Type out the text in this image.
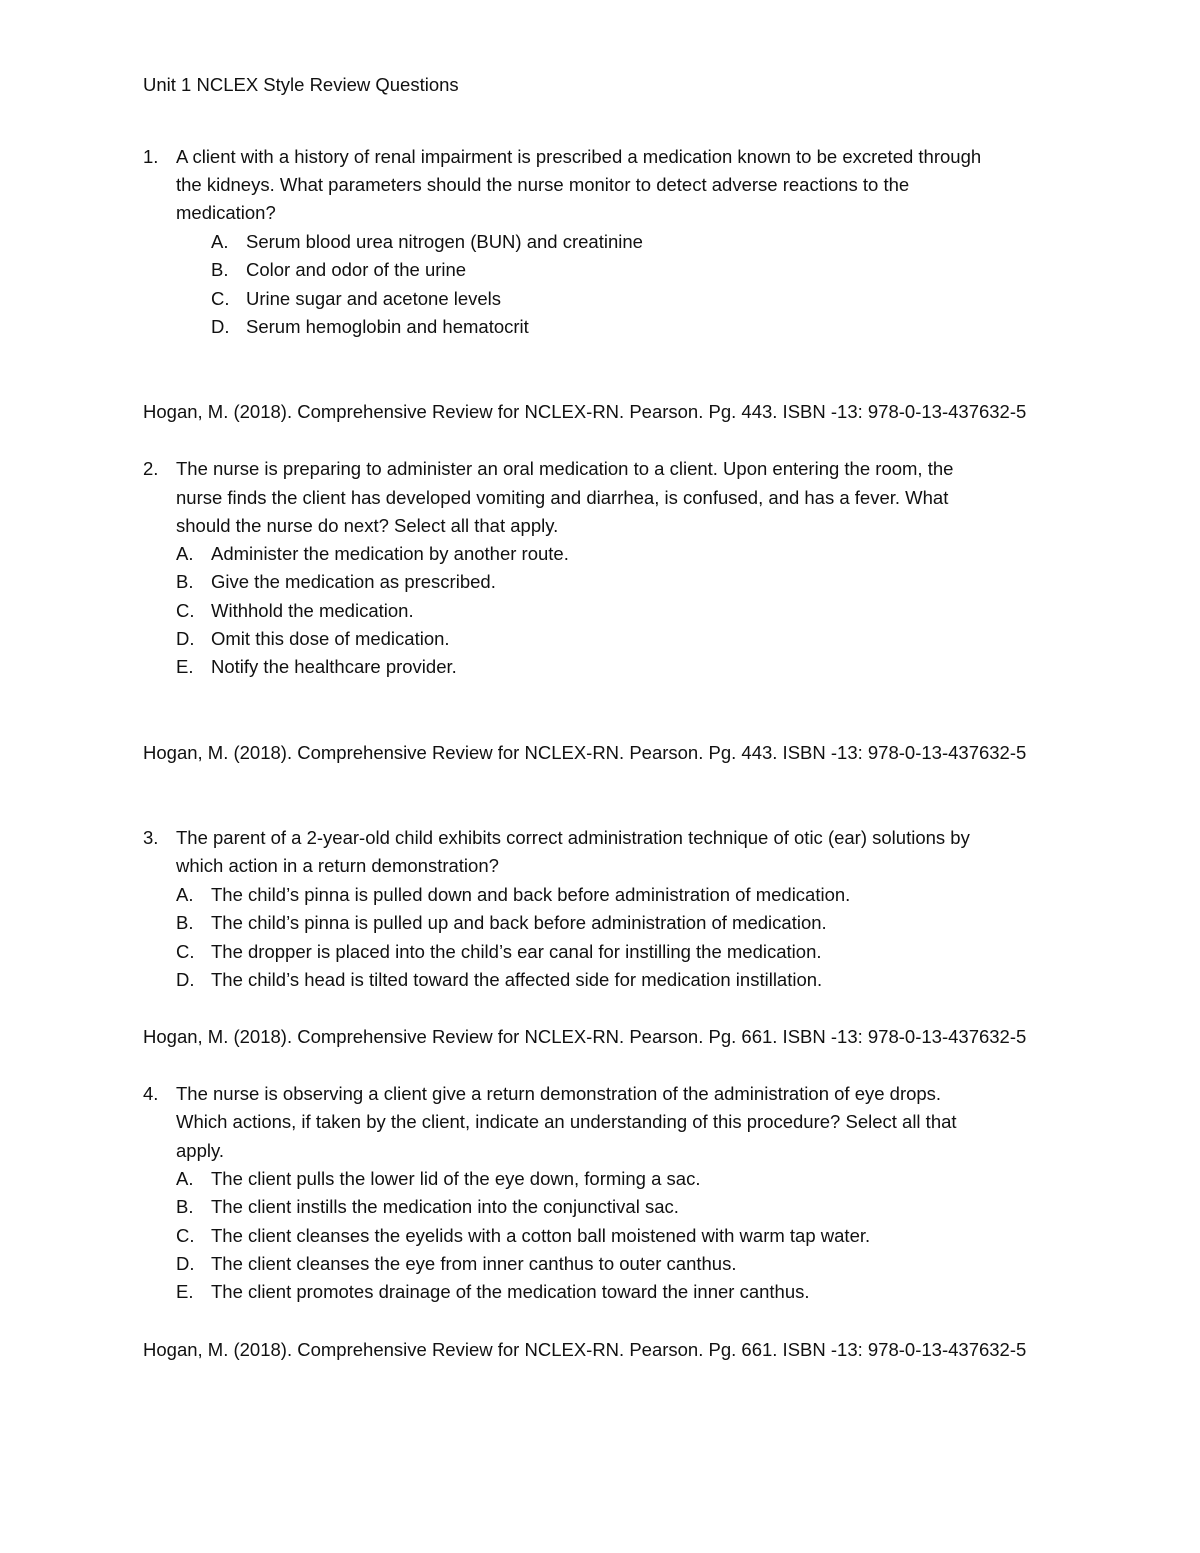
Unit 1 NCLEX Style Review Questions
1. A client with a history of renal impairment is prescribed a medication known to be excreted through
the kidneys. What parameters should the nurse monitor to detect adverse reactions to the
medication?
A. Serum blood urea nitrogen (BUN) and creatinine
B. Color and odor of the urine
C. Urine sugar and acetone levels
D. Serum hemoglobin and hematocrit
Hogan, M. (2018). Comprehensive Review for NCLEX-RN. Pearson. Pg. 443. ISBN -13: 978-0-13-437632-5
2. The nurse is preparing to administer an oral medication to a client. Upon entering the room, the
nurse finds the client has developed vomiting and diarrhea, is confused, and has a fever. What
should the nurse do next? Select all that apply.
A. Administer the medication by another route.
B. Give the medication as prescribed.
C. Withhold the medication.
D. Omit this dose of medication.
E. Notify the healthcare provider.
Hogan, M. (2018). Comprehensive Review for NCLEX-RN. Pearson. Pg. 443. ISBN -13: 978-0-13-437632-5
3. The parent of a 2-year-old child exhibits correct administration technique of otic (ear) solutions by
which action in a return demonstration?
A. The child’s pinna is pulled down and back before administration of medication.
B. The child’s pinna is pulled up and back before administration of medication.
C. The dropper is placed into the child’s ear canal for instilling the medication.
D. The child’s head is tilted toward the affected side for medication instillation.
Hogan, M. (2018). Comprehensive Review for NCLEX-RN. Pearson. Pg. 661. ISBN -13: 978-0-13-437632-5
4. The nurse is observing a client give a return demonstration of the administration of eye drops.
Which actions, if taken by the client, indicate an understanding of this procedure? Select all that
apply.
A. The client pulls the lower lid of the eye down, forming a sac.
B. The client instills the medication into the conjunctival sac.
C. The client cleanses the eyelids with a cotton ball moistened with warm tap water.
D. The client cleanses the eye from inner canthus to outer canthus.
E. The client promotes drainage of the medication toward the inner canthus.
Hogan, M. (2018). Comprehensive Review for NCLEX-RN. Pearson. Pg. 661. ISBN -13: 978-0-13-437632-5
